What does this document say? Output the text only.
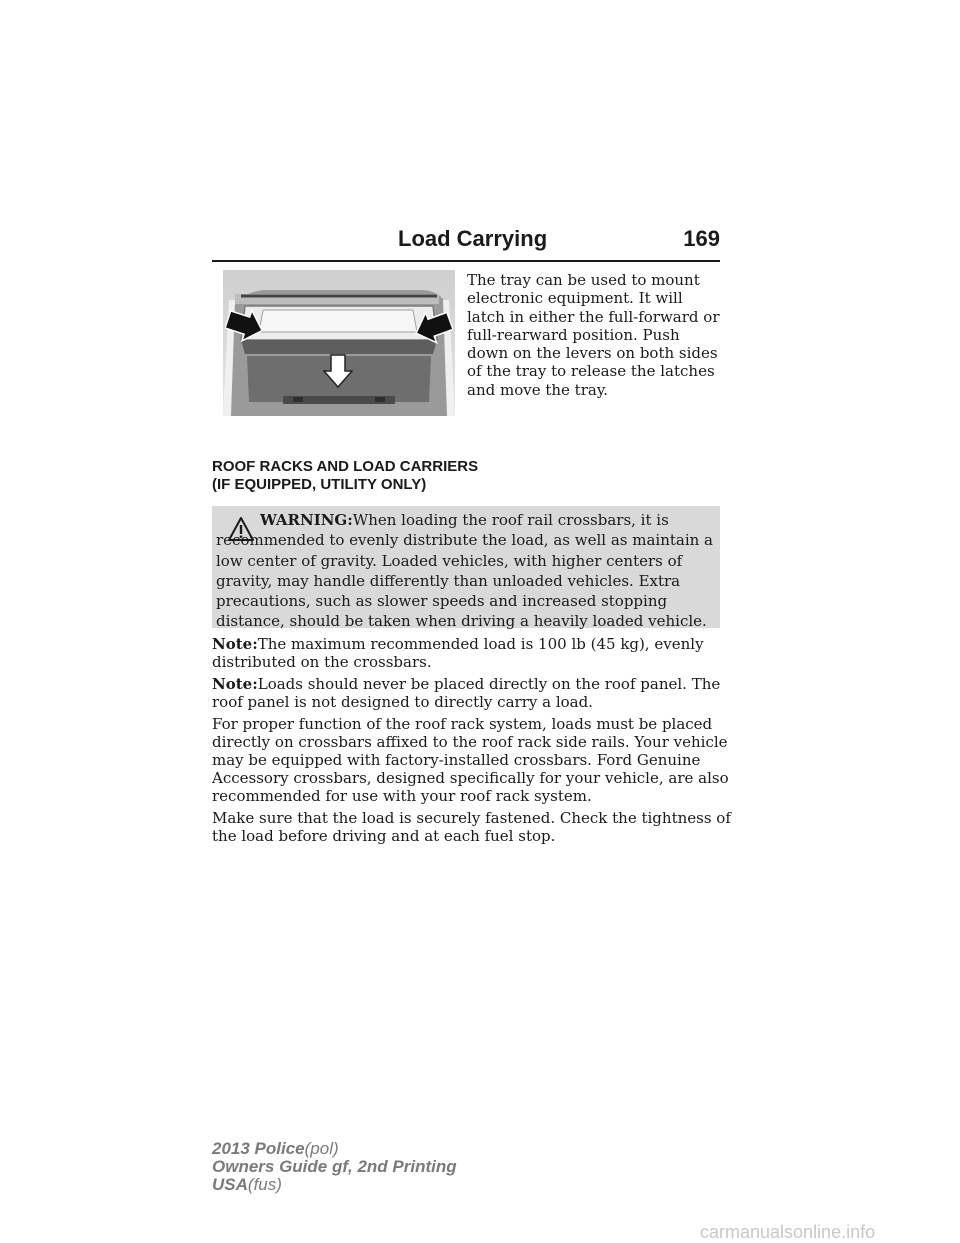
Load Carrying	169
The tray can be used to mount electronic equipment. It will latch in either the full-forward or full-rearward position. Push down on the levers on both sides of the tray to release the latches and move the tray.
ROOF RACKS AND LOAD CARRIERS
(IF EQUIPPED, UTILITY ONLY)
WARNING:When loading the roof rail crossbars, it is recommended to evenly distribute the load, as well as maintain a low center of gravity. Loaded vehicles, with higher centers of gravity, may handle differently than unloaded vehicles. Extra precautions, such as slower speeds and increased stopping distance, should be taken when driving a heavily loaded vehicle.
Note:The maximum recommended load is 100 lb (45 kg), evenly distributed on the crossbars.
Note:Loads should never be placed directly on the roof panel. The roof panel is not designed to directly carry a load.
For proper function of the roof rack system, loads must be placed directly on crossbars affixed to the roof rack side rails. Your vehicle may be equipped with factory-installed crossbars. Ford Genuine Accessory crossbars, designed specifically for your vehicle, are also recommended for use with your roof rack system.
Make sure that the load is securely fastened. Check the tightness of the load before driving and at each fuel stop.
2013 Police(pol)
Owners Guide gf, 2nd Printing
USA(fus)
carmanualsonline.info
